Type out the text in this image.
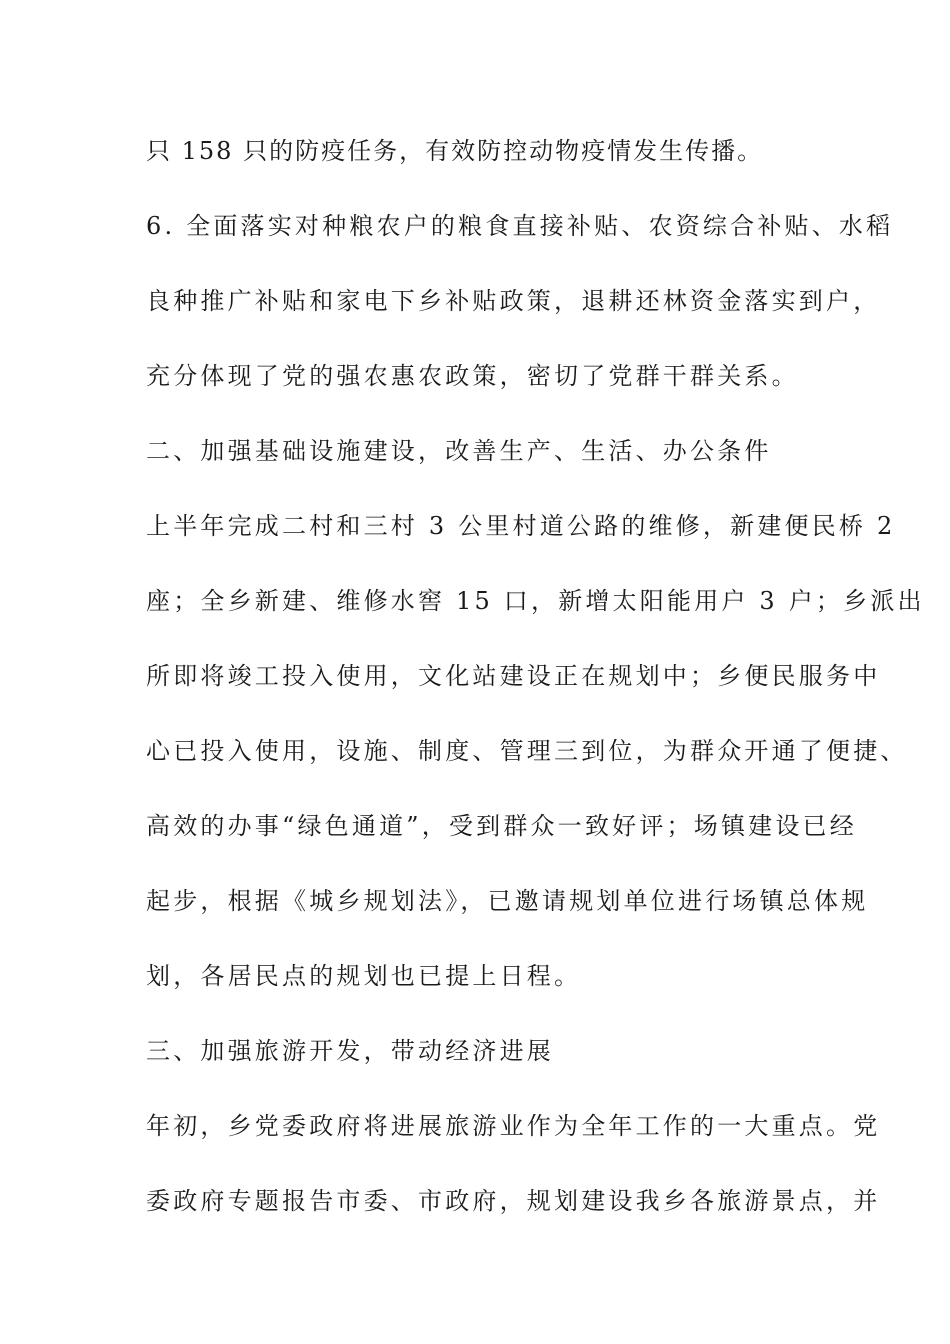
只 158 只的防疫任务，有效防控动物疫情发生传播。
6. 全面落实对种粮农户的粮食直接补贴、农资综合补贴、水稻
良种推广补贴和家电下乡补贴政策，退耕还林资金落实到户，
充分体现了党的强农惠农政策，密切了党群干群关系。
二、加强基础设施建设，改善生产、生活、办公条件
上半年完成二村和三村 3 公里村道公路的维修，新建便民桥 2
座；全乡新建、维修水窖 15 口，新增太阳能用户 3 户；乡派出
所即将竣工投入使用，文化站建设正在规划中；乡便民服务中
心已投入使用，设施、制度、管理三到位，为群众开通了便捷、
高效的办事“绿色通道”，受到群众一致好评；场镇建设已经
起步，根据《城乡规划法》，已邀请规划单位进行场镇总体规
划，各居民点的规划也已提上日程。
三、加强旅游开发，带动经济进展
年初，乡党委政府将进展旅游业作为全年工作的一大重点。党
委政府专题报告市委、市政府，规划建设我乡各旅游景点，并
